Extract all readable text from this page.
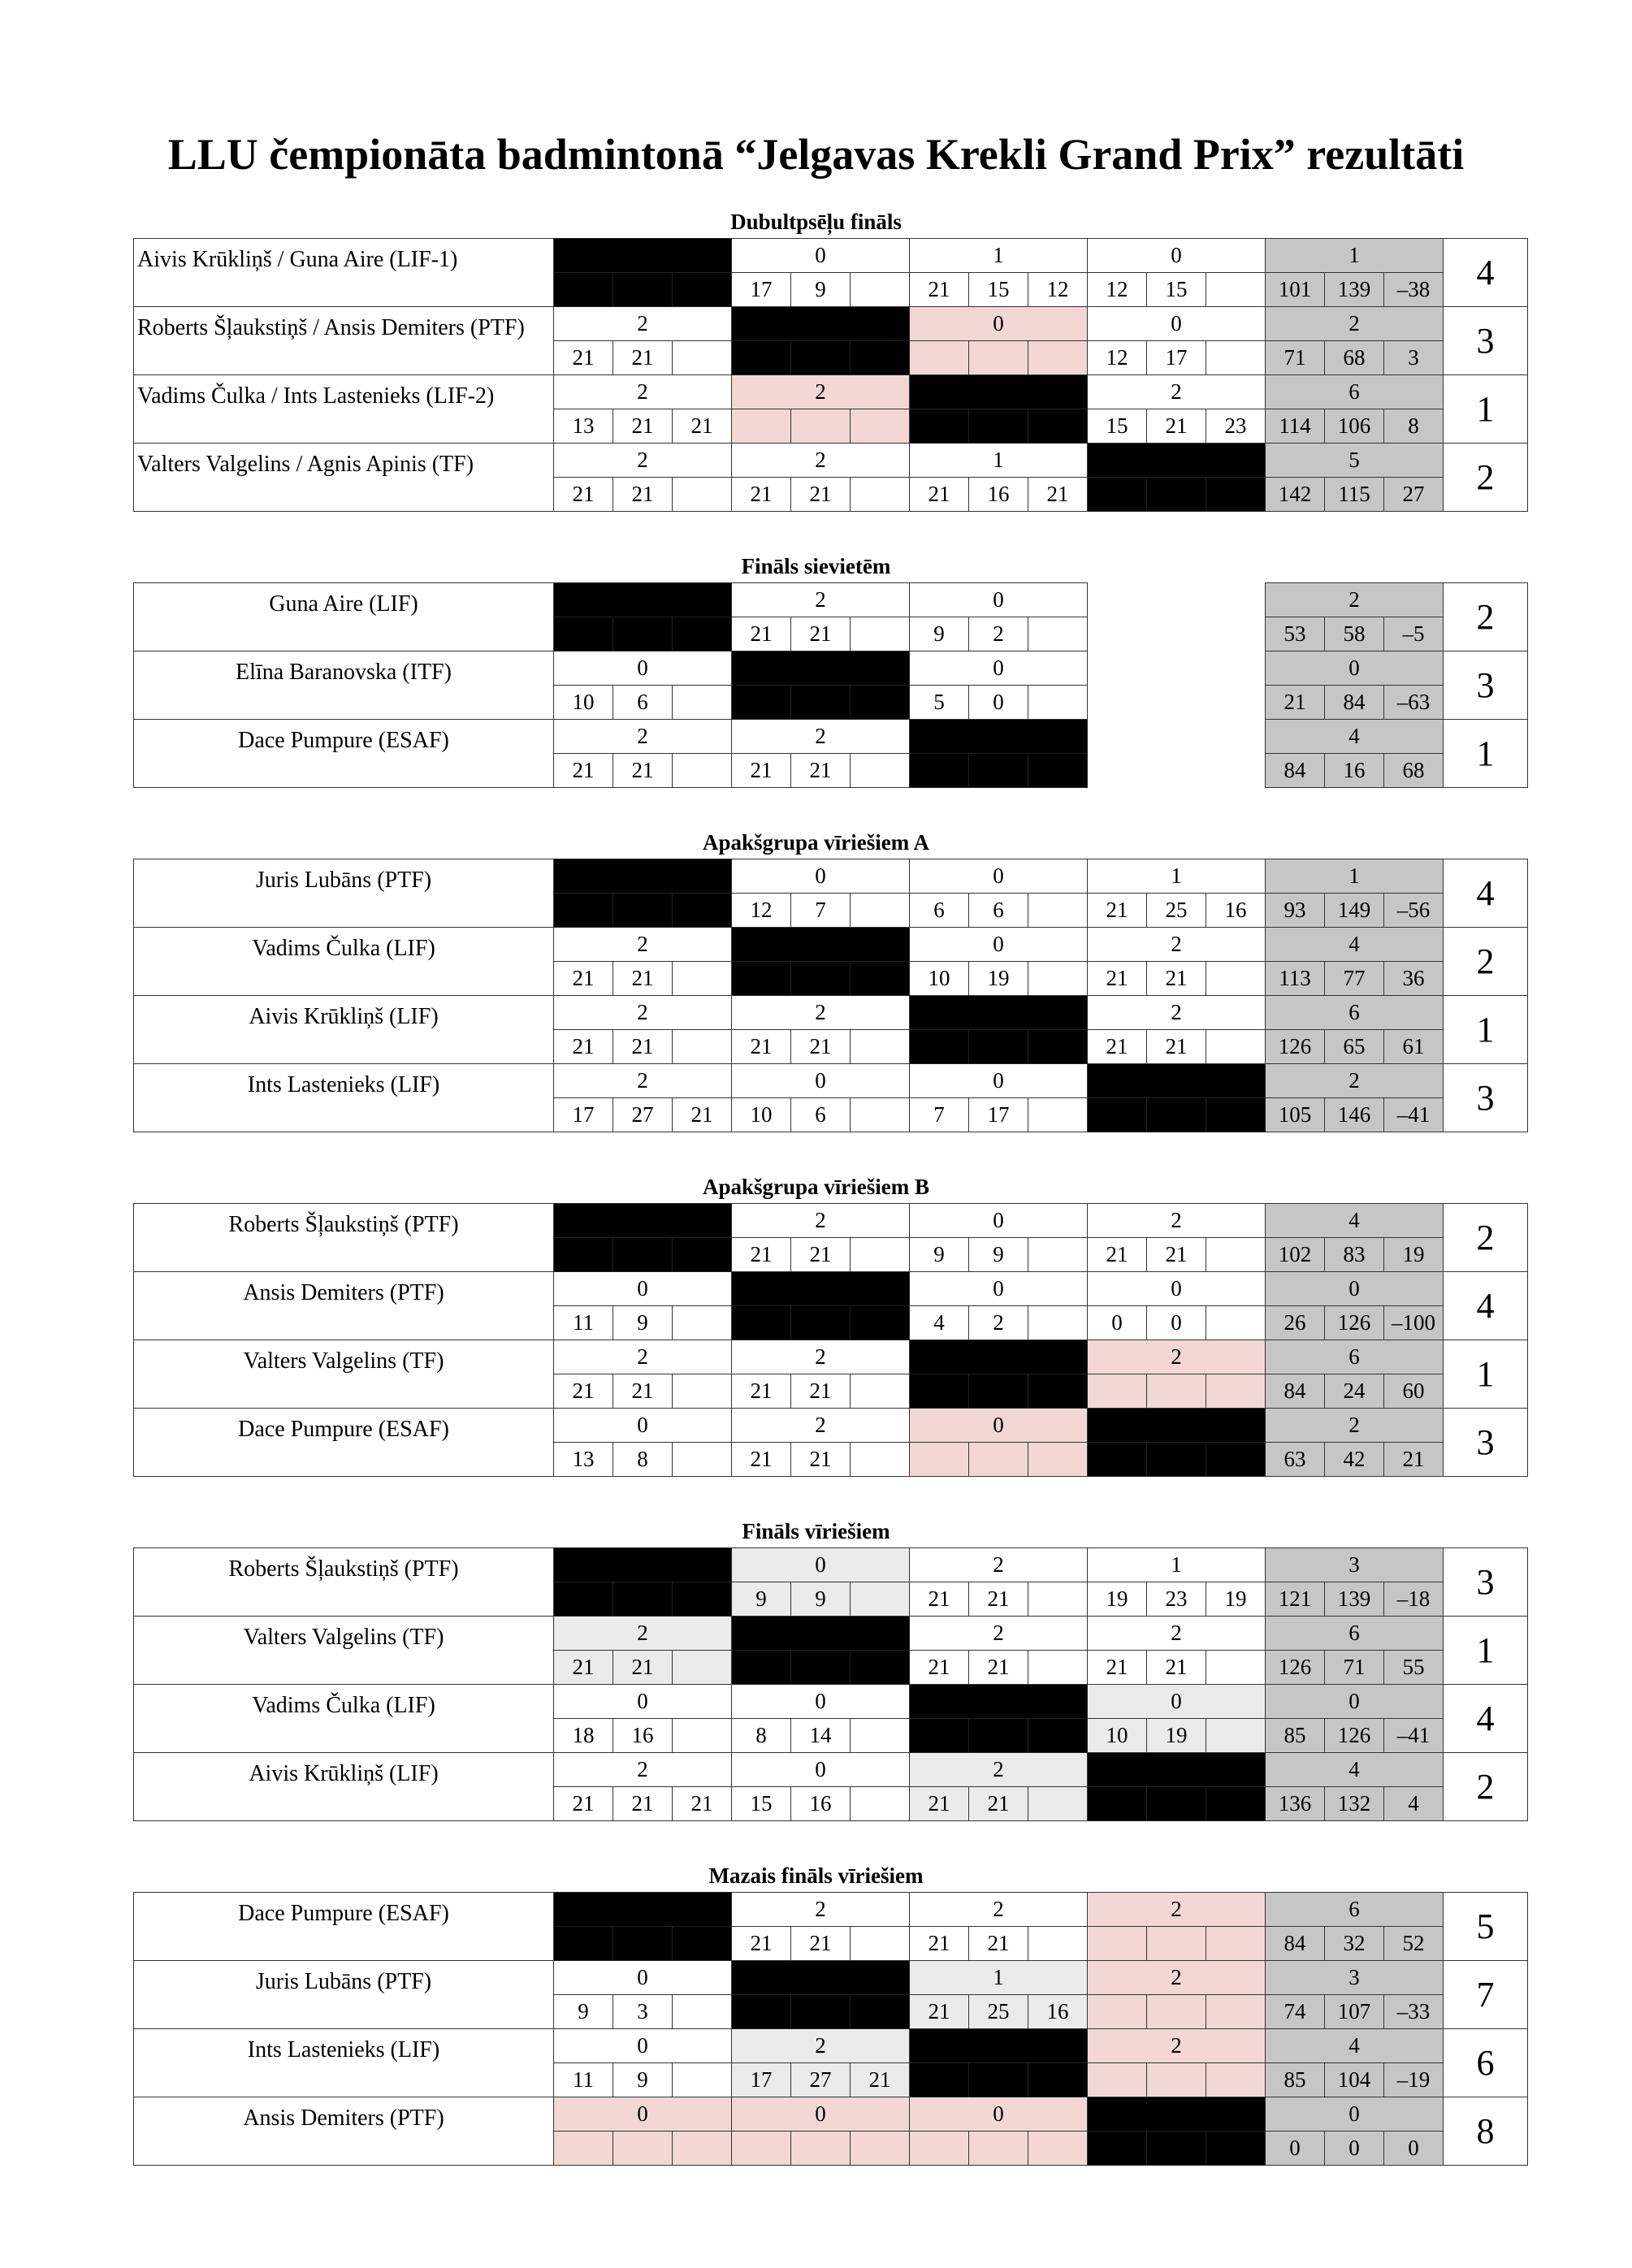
LLU čempionāta badmintonā “Jelgavas Krekli Grand Prix” rezultāti
Dubultpsēļu fināls
Aivis Krūkliņš / Guna Aire (LIF-1)				0			1			0			1			4
				17	9		21	15	12	12	15		101	139	–38	
Roberts Šļaukstiņš / Ansis Demiters (PTF)	2						0			0			2			3
	21	21								12	17		71	68	3	
Vadims Čulka / Ints Lastenieks (LIF-2)	2			2						2			6			1
	13	21	21							15	21	23	114	106	8	
Valters Valgelins / Agnis Apinis (TF)	2			2			1						5			2
	21	21		21	21		21	16	21				142	115	27	
Fināls sievietēm
Guna Aire (LIF)				2			0						2			2
				21	21		9	2					53	58	–5	
Elīna Baranovska (ITF)	0						0						0			3
	10	6					5	0					21	84	–63	
Dace Pumpure (ESAF)	2			2									4			1
	21	21		21	21								84	16	68	
Apakšgrupa vīriešiem A
Juris Lubāns (PTF)				0			0			1			1			4
				12	7		6	6		21	25	16	93	149	–56	
Vadims Čulka (LIF)	2						0			2			4			2
	21	21					10	19		21	21		113	77	36	
Aivis Krūkliņš (LIF)	2			2						2			6			1
	21	21		21	21					21	21		126	65	61	
Ints Lastenieks (LIF)	2			0			0						2			3
	17	27	21	10	6		7	17					105	146	–41	
Apakšgrupa vīriešiem B
Roberts Šļaukstiņš (PTF)				2			0			2			4			2
				21	21		9	9		21	21		102	83	19	
Ansis Demiters (PTF)	0						0			0			0			4
	11	9					4	2		0	0		26	126	–100	
Valters Valgelins (TF)	2			2						2			6			1
	21	21		21	21								84	24	60	
Dace Pumpure (ESAF)	0			2			0						2			3
	13	8		21	21								63	42	21	
Fināls vīriešiem
Roberts Šļaukstiņš (PTF)				0			2			1			3			3
				9	9		21	21		19	23	19	121	139	–18	
Valters Valgelins (TF)	2						2			2			6			1
	21	21					21	21		21	21		126	71	55	
Vadims Čulka (LIF)	0			0						0			0			4
	18	16		8	14					10	19		85	126	–41	
Aivis Krūkliņš (LIF)	2			0			2						4			2
	21	21	21	15	16		21	21					136	132	4	
Mazais fināls vīriešiem
Dace Pumpure (ESAF)				2			2			2			6			5
				21	21		21	21					84	32	52	
Juris Lubāns (PTF)	0						1			2			3			7
	9	3					21	25	16				74	107	–33	
Ints Lastenieks (LIF)	0			2						2			4			6
	11	9		17	27	21							85	104	–19	
Ansis Demiters (PTF)	0			0			0						0			8
													0	0	0	
